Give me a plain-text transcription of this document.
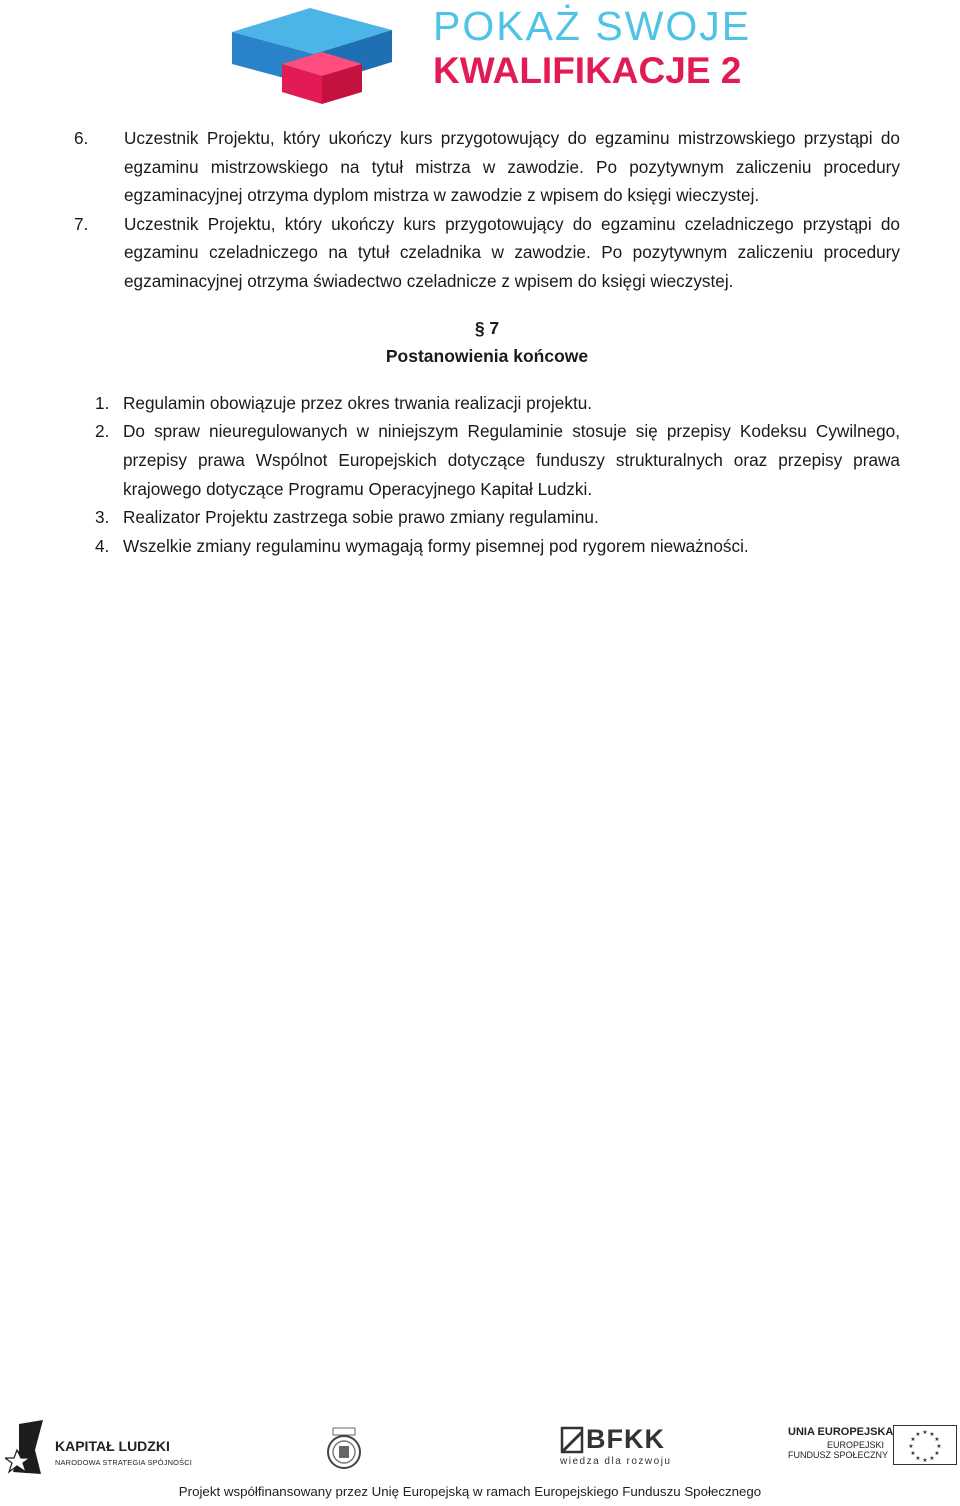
POKAŻ SWOJE
KWALIFIKACJE 2
6.	Uczestnik Projektu, który ukończy kurs przygotowujący do egzaminu mistrzowskiego przystąpi do egzaminu mistrzowskiego na tytuł mistrza w zawodzie. Po pozytywnym zaliczeniu procedury egzaminacyjnej otrzyma dyplom mistrza w zawodzie z wpisem do księgi wieczystej.
7.	Uczestnik Projektu, który ukończy kurs przygotowujący do egzaminu czeladniczego przystąpi do egzaminu czeladniczego na tytuł czeladnika w zawodzie. Po pozytywnym zaliczeniu procedury egzaminacyjnej otrzyma świadectwo czeladnicze z wpisem do księgi wieczystej.
§ 7
Postanowienia końcowe
1. Regulamin obowiązuje przez okres trwania realizacji projektu.
2. Do spraw nieuregulowanych w niniejszym Regulaminie stosuje się przepisy Kodeksu Cywilnego, przepisy prawa Wspólnot Europejskich dotyczące funduszy strukturalnych oraz przepisy prawa krajowego dotyczące Programu Operacyjnego Kapitał Ludzki.
3. Realizator Projektu zastrzega sobie prawo zmiany regulaminu.
4. Wszelkie zmiany regulaminu wymagają formy pisemnej pod rygorem nieważności.
KAPITAŁ LUDZKI
NARODOWA STRATEGIA SPÓJNOŚCI
BFKK
wiedza dla rozwoju
UNIA EUROPEJSKA
EUROPEJSKI
FUNDUSZ SPOŁECZNY
★ ★
★
★
★
★
★
★
★
★
★
★
Projekt współfinansowany przez Unię Europejską w ramach Europejskiego Funduszu Społecznego
